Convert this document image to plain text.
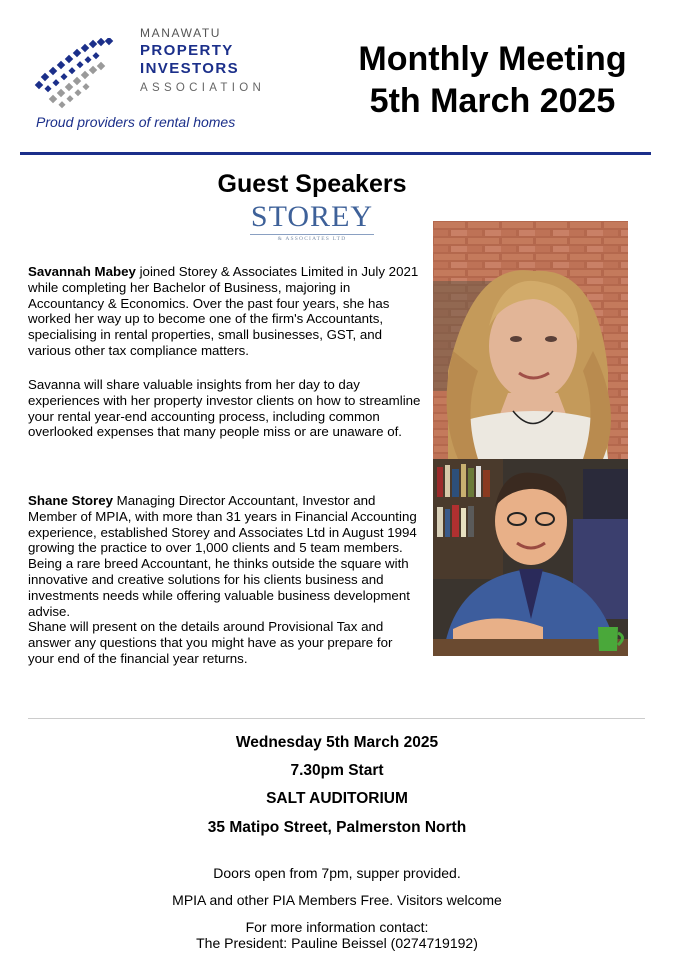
MANAWATU
PROPERTY
INVESTORS
ASSOCIATION
Proud providers of rental homes
Monthly Meeting
5th March 2025
Guest Speakers
STOREY
& ASSOCIATES LTD
Savannah Mabey joined Storey & Associates Limited in July 2021 while completing her Bachelor of Business, majoring in Accountancy & Economics. Over the past four years, she has worked her way up to become one of the firm's Accountants, specialising in rental properties, small businesses, GST, and various other tax compliance matters.
Savanna will share valuable insights from her day to day experiences with her property investor clients on how to streamline your rental year-end accounting process, including common overlooked expenses that many people miss or are unaware of.
Shane Storey Managing Director Accountant, Investor and Member of MPIA, with more than 31 years in Financial Accounting experience, established Storey and Associates Ltd in August 1994 growing the practice to over 1,000 clients and 5 team members.
Being a rare breed Accountant, he thinks outside the square with innovative and creative solutions for his clients business and investments needs while offering valuable business development advise.
Shane will present on the details around Provisional Tax and answer any questions that you might have as your prepare for your end of the financial year returns.
Wednesday 5th March 2025
7.30pm Start
SALT AUDITORIUM
35 Matipo Street, Palmerston North
Doors open from 7pm, supper provided.
MPIA and other PIA Members Free. Visitors welcome
For more information contact:
The President: Pauline Beissel (0274719192)
